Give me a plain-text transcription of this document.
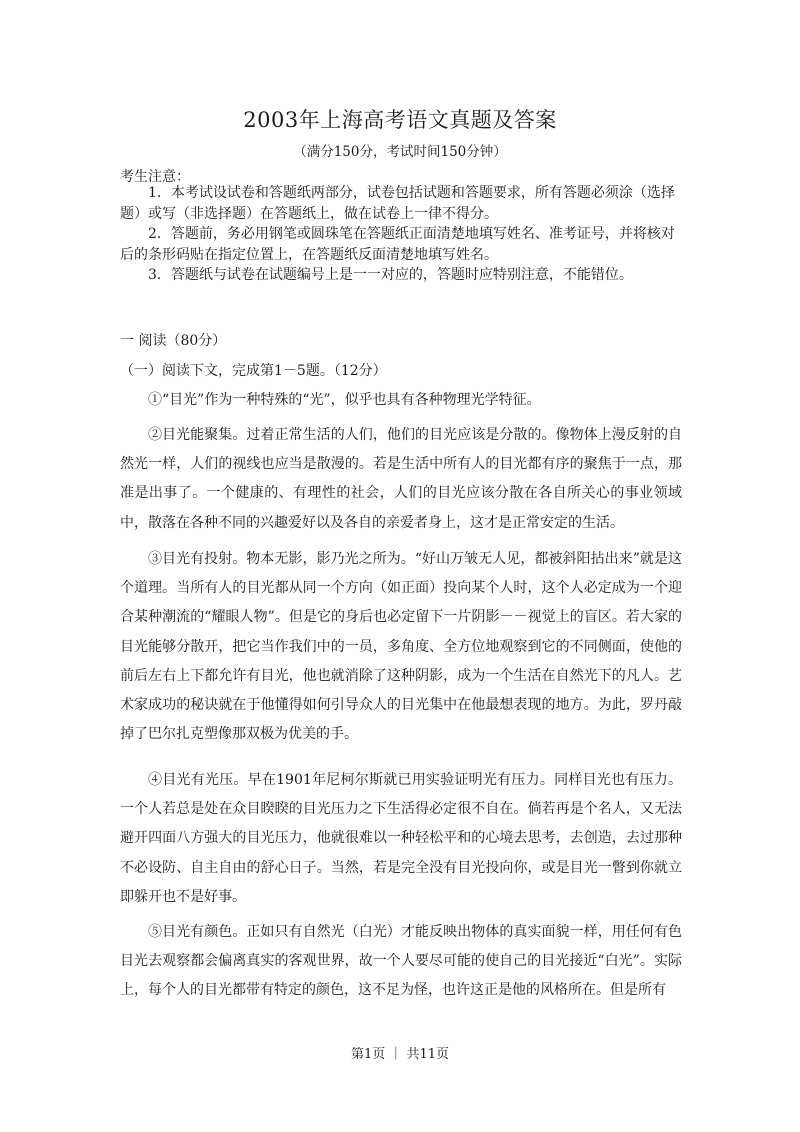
2003年上海高考语文真题及答案
（满分150分，考试时间150分钟）
考生注意：

1．本考试设试卷和答题纸两部分，试卷包括试题和答题要求，所有答题必须涂（选择题）或写（非选择题）在答题纸上，做在试卷上一律不得分。

2．答题前，务必用钢笔或圆珠笔在答题纸正面清楚地填写姓名、准考证号，并将核对后的条形码贴在指定位置上，在答题纸反面清楚地填写姓名。

3．答题纸与试卷在试题编号上是一一对应的，答题时应特别注意，不能错位。

一 阅读（80分）
（一）阅读下文，完成第1－5题。（12分）

①“目光”作为一种特殊的“光”，似乎也具有各种物理光学特征。

②目光能聚集。过着正常生活的人们，他们的目光应该是分散的。像物体上漫反射的自然光一样，人们的视线也应当是散漫的。若是生活中所有人的目光都有序的聚焦于一点，那准是出事了。一个健康的、有理性的社会，人们的目光应该分散在各自所关心的事业领域中，散落在各种不同的兴趣爱好以及各自的亲爱者身上，这才是正常安定的生活。

③目光有投射。物本无影，影乃光之所为。“好山万皱无人见，都被斜阳拈出来”就是这个道理。当所有人的目光都从同一个方向（如正面）投向某个人时，这个人必定成为一个迎合某种潮流的“耀眼人物”。但是它的身后也必定留下一片阴影－－视觉上的盲区。若大家的目光能够分散开，把它当作我们中的一员，多角度、全方位地观察到它的不同侧面，使他的前后左右上下都允许有目光，他也就消除了这种阴影，成为一个生活在自然光下的凡人。艺术家成功的秘诀就在于他懂得如何引导众人的目光集中在他最想表现的地方。为此，罗丹敲掉了巴尔扎克塑像那双极为优美的手。

④目光有光压。早在1901年尼柯尔斯就已用实验证明光有压力。同样目光也有压力。一个人若总是处在众目睽睽的目光压力之下生活得必定很不自在。倘若再是个名人，又无法避开四面八方强大的目光压力，他就很难以一种轻松平和的心境去思考，去创造，去过那种不必设防、自主自由的舒心日子。当然，若是完全没有目光投向你，或是目光一瞥到你就立即躲开也不是好事。

⑤目光有颜色。正如只有自然光（白光）才能反映出物体的真实面貌一样，用任何有色目光去观察都会偏离真实的客观世界，故一个人要尽可能的使自己的目光接近“白光”。实际上，每个人的目光都带有特定的颜色，这不足为怪，也许这正是他的风格所在。但是所有

第1页 ｜ 共11页
